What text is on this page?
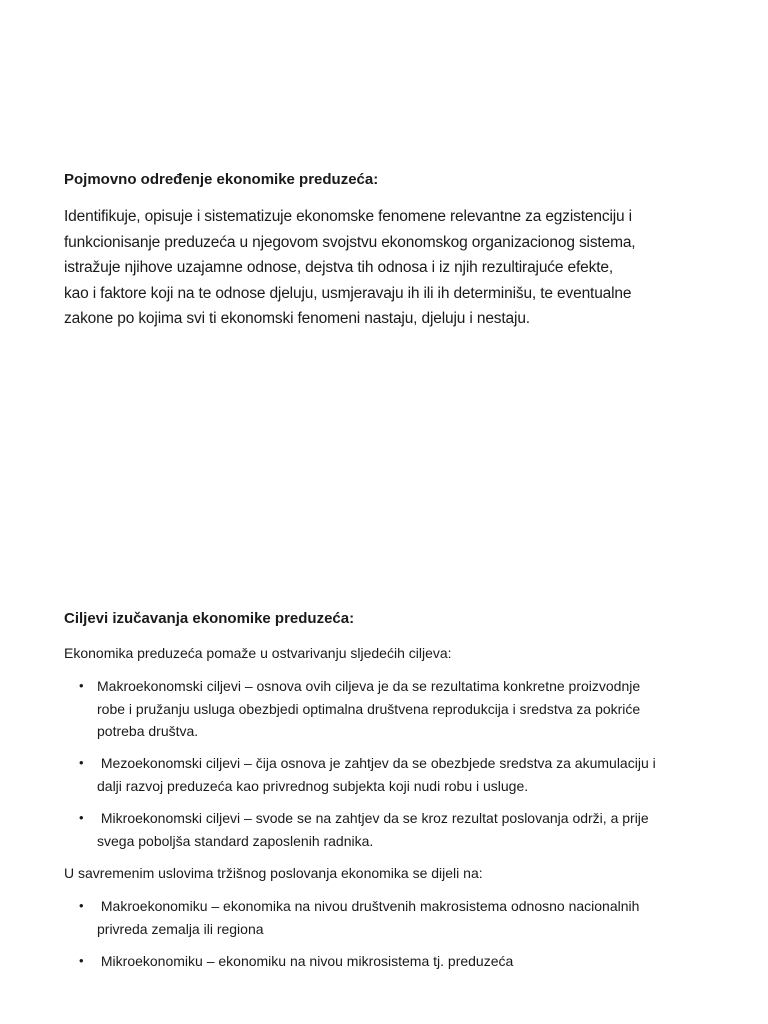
Pojmovno određenje ekonomike preduzeća:

Identifikuje, opisuje i sistematizuje ekonomske fenomene relevantne za egzistenciju i
funkcionisanje preduzeća u njegovom svojstvu ekonomskog organizacionog sistema,
istražuje njihove uzajamne odnose, dejstva tih odnosa i iz njih rezultirajuće efekte,
kao i faktore koji na te odnose djeluju, usmjeravaju ih ili ih determinišu, te eventualne
zakone po kojima svi ti ekonomski fenomeni nastaju, djeluju i nestaju.

Ciljevi izučavanja ekonomike preduzeća:

Ekonomika preduzeća pomaže u ostvarivanju sljedećih ciljeva:

• Makroekonomski ciljevi – osnova ovih ciljeva je da se rezultatima konkretne proizvodnje
robe i pružanju usluga obezbjedi optimalna društvena reprodukcija i sredstva za pokriće
potreba društva.
• Mezoekonomski ciljevi – čija osnova je zahtjev da se obezbjede sredstva za akumulaciju i
dalji razvoj preduzeća kao privrednog subjekta koji nudi robu i usluge.
• Mikroekonomski ciljevi – svode se na zahtjev da se kroz rezultat poslovanja održi, a prije
svega poboljša standard zaposlenih radnika.

U savremenim uslovima tržišnog poslovanja ekonomika se dijeli na:

• Makroekonomiku – ekonomika na nivou društvenih makrosistema odnosno nacionalnih
privreda zemalja ili regiona
• Mikroekonomiku – ekonomiku na nivou mikrosistema tj. preduzeća
